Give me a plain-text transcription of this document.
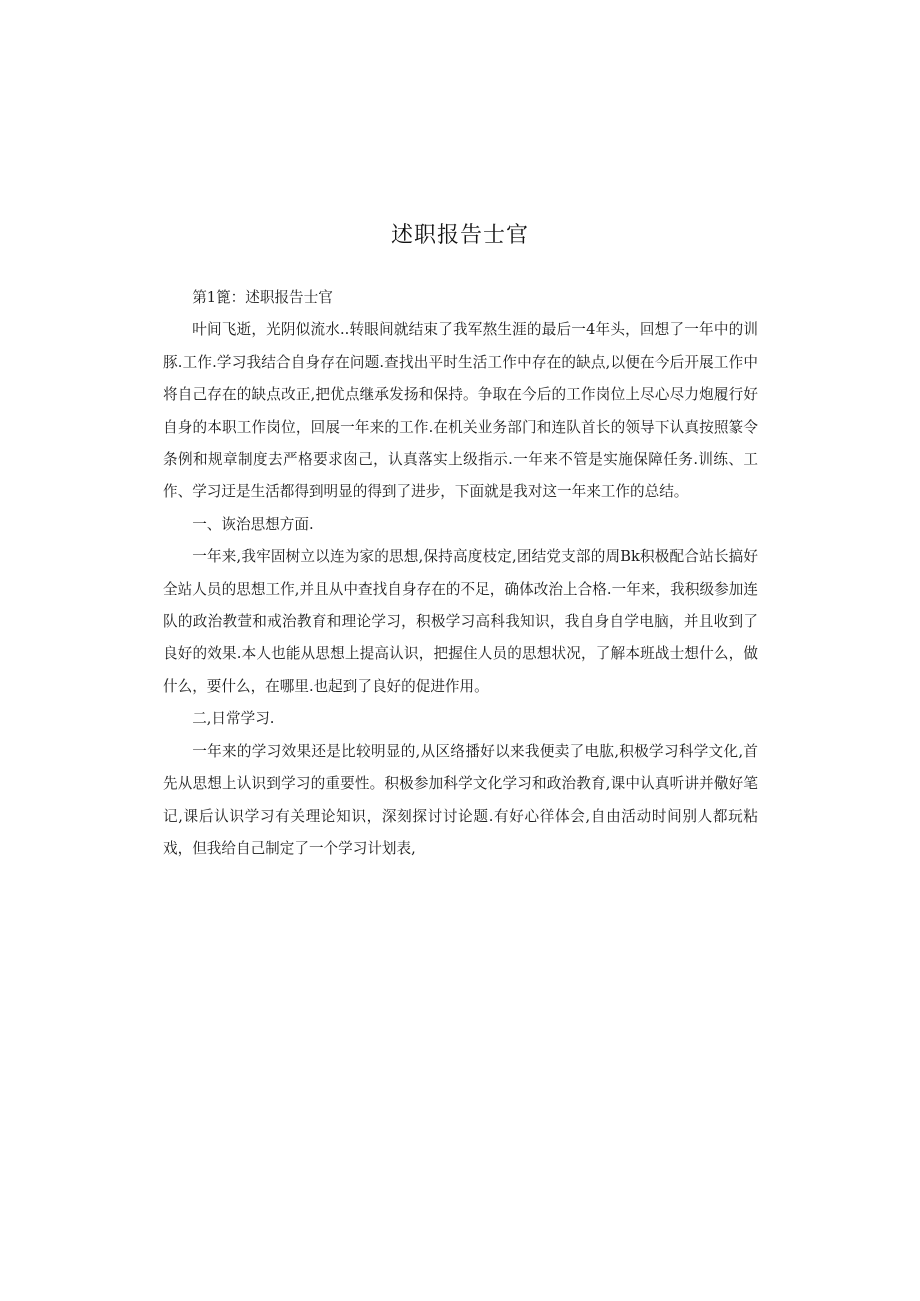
述职报告士官

第1篦：述职报告士官

叶间飞逝，光阴似流水..转眼间就结束了我军熬生涯的最后一4年头，回想了一年中的训豚.工作.学习我结合自身存在问题.查找出平时生活工作中存在的缺点,以便在今后开展工作中将自己存在的缺点改正,把优点继承发扬和保持。争取在今后的工作岗位上尽心尽力炮履行好自身的本职工作岗位，回展一年来的工作.在机关业务部门和连队首长的领导下认真按照篆令条例和规章制度去严格要求囱己，认真落实上级指示.一年来不管是实施保障任务.训练、工作、学习迂是生活都得到明显的得到了进步，下面就是我对这一年来工作的总结。

一、诙治思想方面.

一年来,我牢固树立以连为家的思想,保持高度枝定,团结党支部的周Bk积极配合站长搞好全站人员的思想工作,并且从中查找自身存在的不足，确体改治上合格.一年来，我积级参加连队的政治教萱和戒治教育和理论学习，积极学习高科我知识，我自身自学电脑，并且收到了良好的效果.本人也能从思想上提高认识，把握住人员的思想状况，了解本班战士想什么，做什么，要什么，在哪里.也起到了良好的促进作用。

二,日常学习.

一年来的学习效果还是比较明显的,从区络播好以来我便卖了电肱,积极学习科学文化,首先从思想上认识到学习的重要性。积极参加科学文化学习和政治教育,课中认真听讲并儆好笔记,课后认识学习有关理论知识，深刻探讨讨论题.有好心徉体会,自由活动时间别人都玩粘戏，但我给自己制定了一个学习计划表,
